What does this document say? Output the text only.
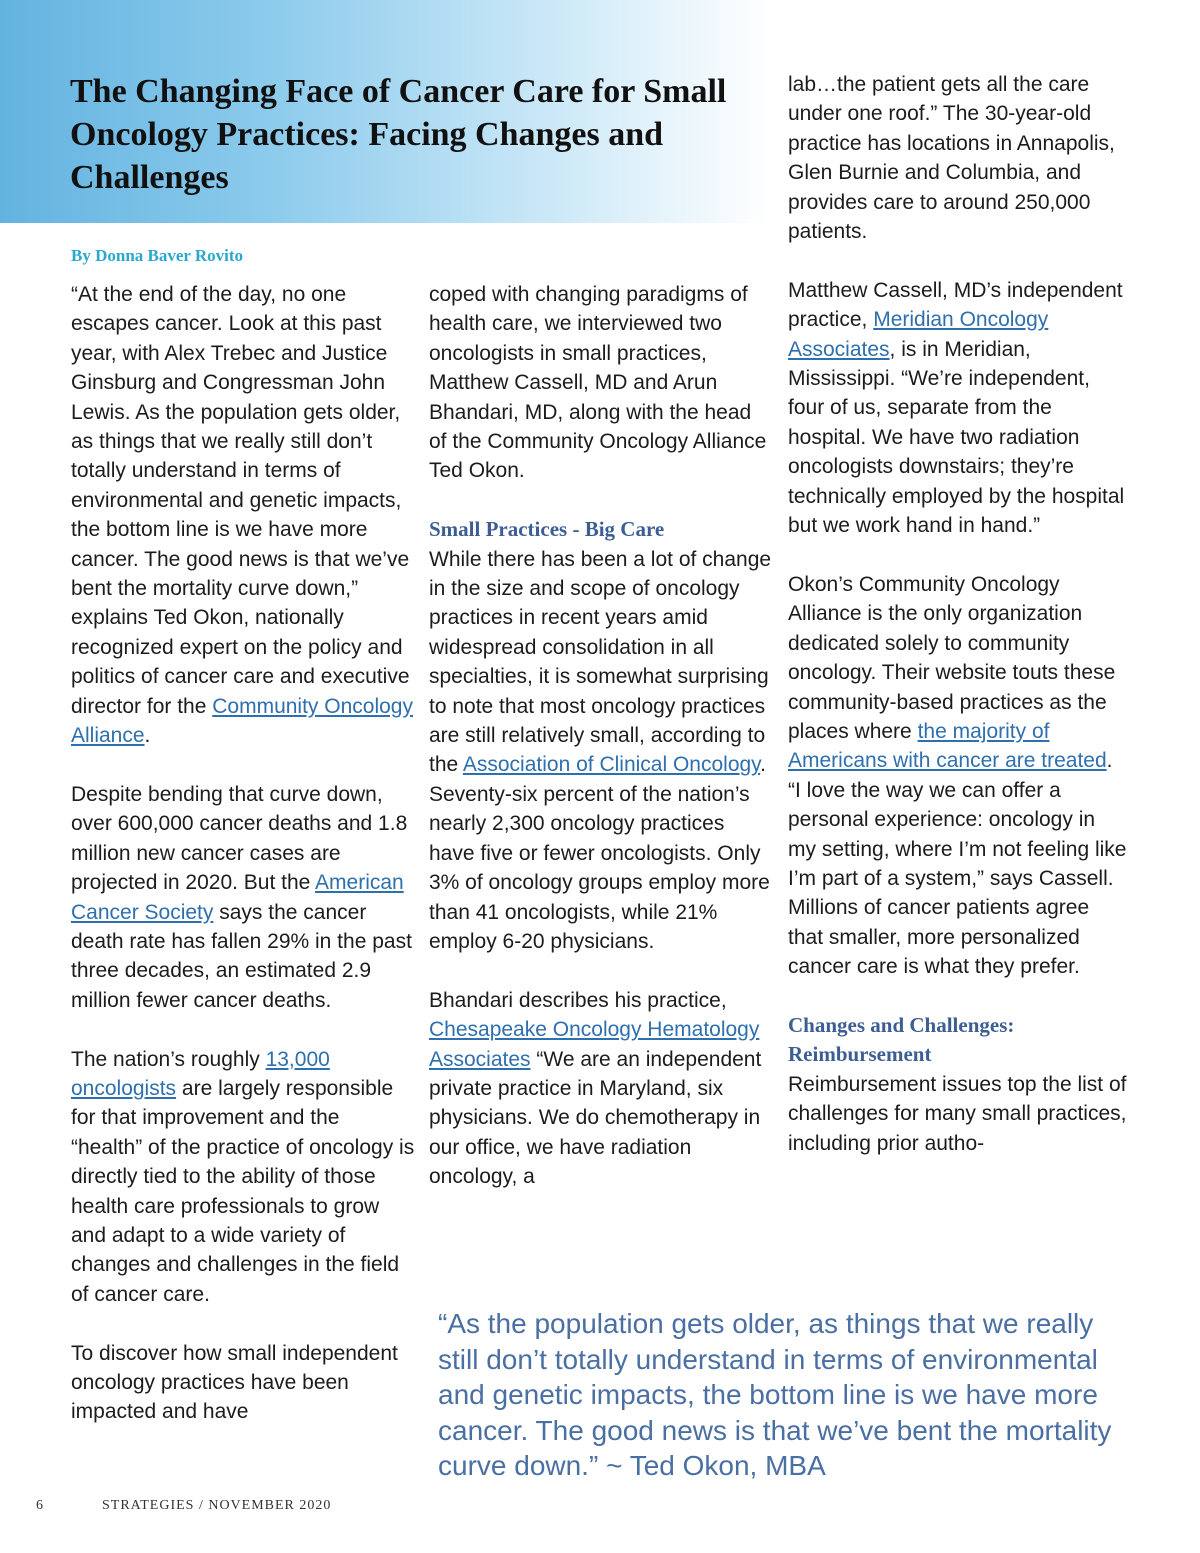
The Changing Face of Cancer Care for Small Oncology Practices: Facing Changes and Challenges
By Donna Baver Rovito

“At the end of the day, no one escapes cancer. Look at this past year, with Alex Trebec and Justice Ginsburg and Congressman John Lewis. As the population gets older, as things that we really still don’t totally understand in terms of environmental and genetic impacts, the bottom line is we have more cancer. The good news is that we’ve bent the mortality curve down,” explains Ted Okon, nationally recognized expert on the policy and politics of cancer care and executive director for the Community Oncology Alliance.

Despite bending that curve down, over 600,000 cancer deaths and 1.8 million new cancer cases are projected in 2020. But the American Cancer Society says the cancer death rate has fallen 29% in the past three decades, an estimated 2.9 million fewer cancer deaths.

The nation’s roughly 13,000 oncologists are largely responsible for that improvement and the “health” of the practice of oncology is directly tied to the ability of those health care professionals to grow and adapt to a wide variety of changes and challenges in the field of cancer care.

To discover how small independent oncology practices have been impacted and have

coped with changing paradigms of health care, we interviewed two oncologists in small practices, Matthew Cassell, MD and Arun Bhandari, MD, along with the head of the Community Oncology Alliance Ted Okon.

Small Practices - Big Care
While there has been a lot of change in the size and scope of oncology practices in recent years amid widespread consolidation in all specialties, it is somewhat surprising to note that most oncology practices are still relatively small, according to the Association of Clinical Oncology. Seventy-six percent of the nation’s nearly 2,300 oncology practices have five or fewer oncologists. Only 3% of oncology groups employ more than 41 oncologists, while 21% employ 6-20 physicians.

Bhandari describes his practice, Chesapeake Oncology Hematology Associates “We are an independent private practice in Maryland, six physicians. We do chemotherapy in our office, we have radiation oncology, a

lab…the patient gets all the care under one roof.” The 30-year-old practice has locations in Annapolis, Glen Burnie and Columbia, and provides care to around 250,000 patients.

Matthew Cassell, MD’s independent practice, Meridian Oncology Associates, is in Meridian, Mississippi. “We’re independent, four of us, separate from the hospital. We have two radiation oncologists downstairs; they’re technically employed by the hospital but we work hand in hand.”

Okon’s Community Oncology Alliance is the only organization dedicated solely to community oncology. Their website touts these community-based practices as the places where the majority of Americans with cancer are treated.

“I love the way we can offer a personal experience: oncology in my setting, where I’m not feeling like I’m part of a system,” says Cassell. Millions of cancer patients agree that smaller, more personalized cancer care is what they prefer.

Changes and Challenges: Reimbursement
Reimbursement issues top the list of challenges for many small practices, including prior autho-

“As the population gets older, as things that we really still don’t totally understand in terms of environmental and genetic impacts, the bottom line is we have more cancer. The good news is that we’ve bent the mortality curve down.” ~ Ted Okon, MBA

6	STRATEGIES / NOVEMBER 2020
